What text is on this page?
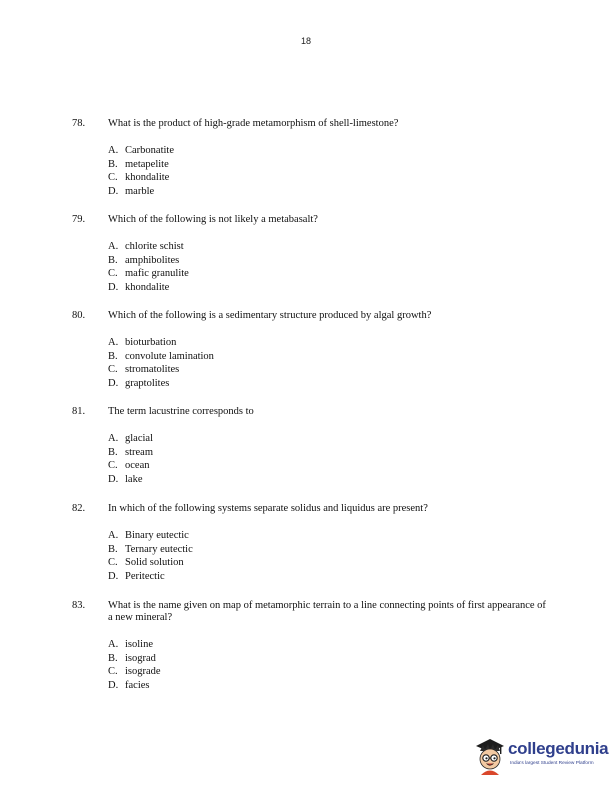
18
78.	What is the product of high-grade metamorphism of shell-limestone?
A. Carbonatite
B. metapelite
C. khondalite
D. marble
79.	Which of the following is not likely a metabasalt?
A. chlorite schist
B. amphibolites
C. mafic granulite
D. khondalite
80.	Which of the following is a sedimentary structure produced by algal growth?
A. bioturbation
B. convolute lamination
C. stromatolites
D. graptolites
81.	The term lacustrine corresponds to
A. glacial
B. stream
C. ocean
D. lake
82.	In which of the following systems separate solidus and liquidus are present?
A. Binary eutectic
B. Ternary eutectic
C. Solid solution
D. Peritectic
83.	What is the name given on map of metamorphic terrain to a line connecting points of first appearance of a new mineral?
A. isoline
B. isograd
C. isograde
D. facies
collegedunia
India's largest Student Review Platform
